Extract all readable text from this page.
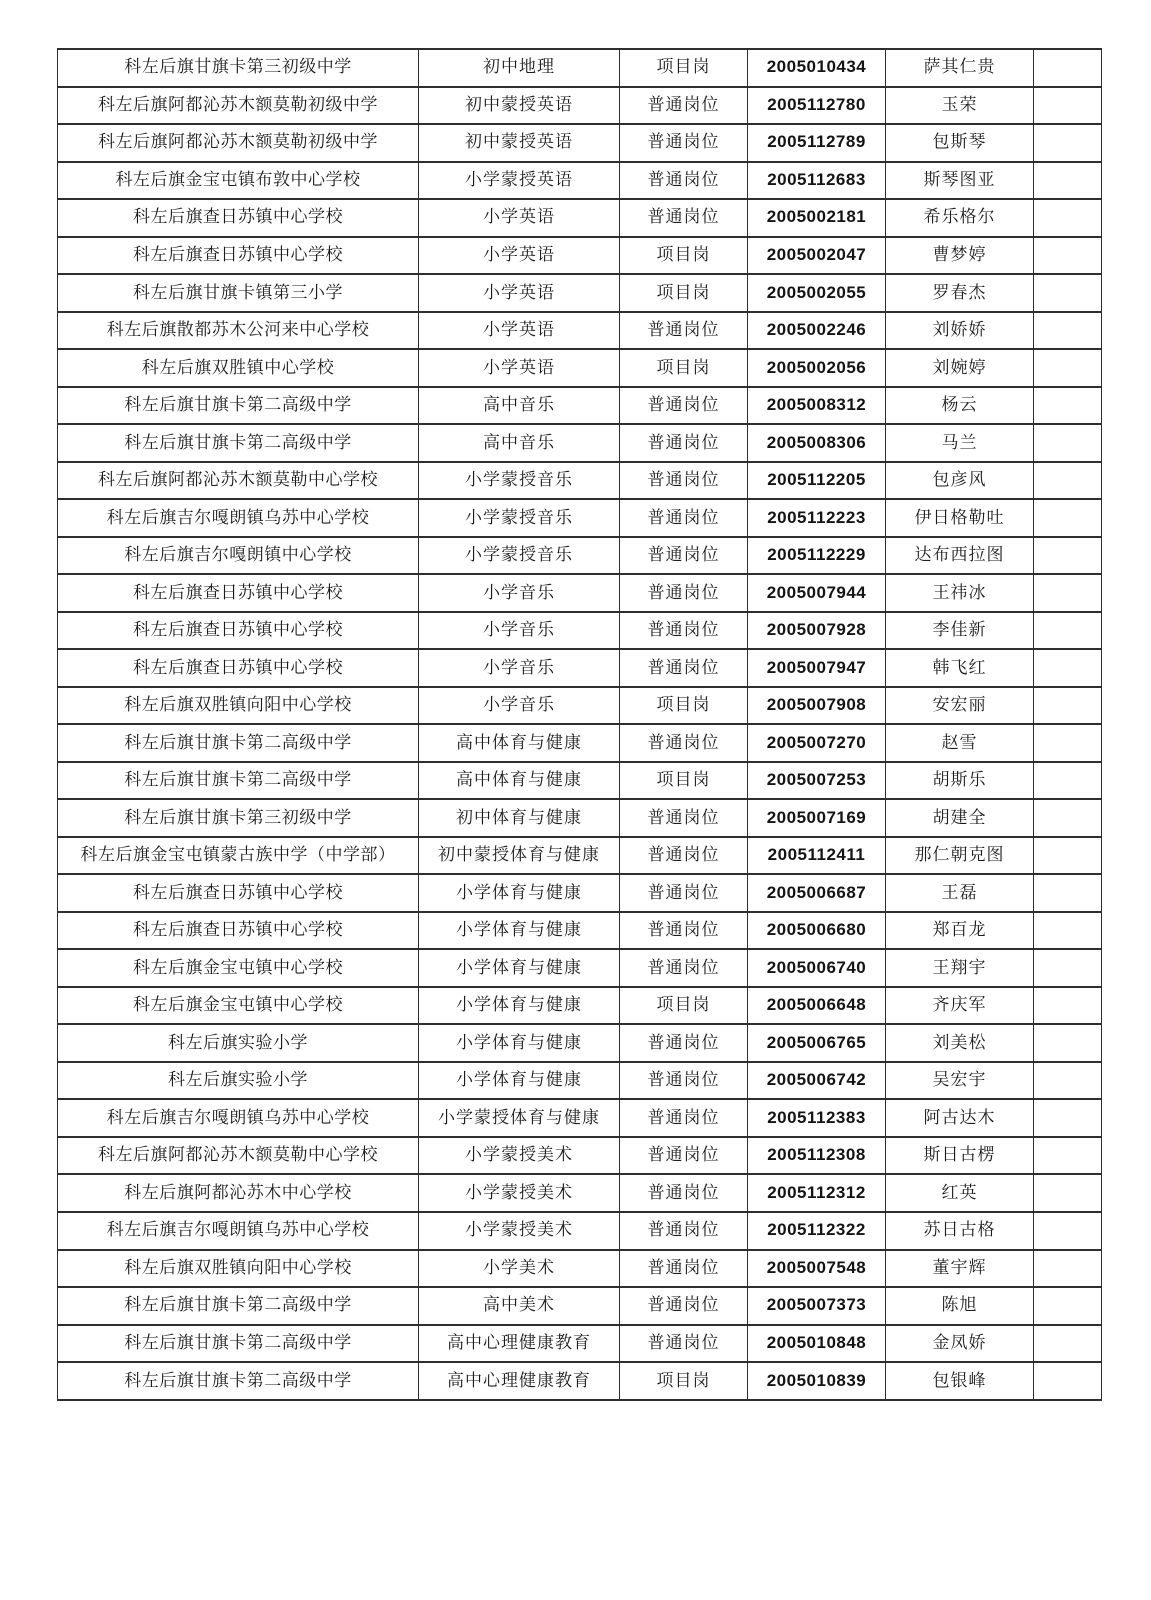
科左后旗甘旗卡第三初级中学	初中地理	项目岗	2005010434	萨其仁贵	
科左后旗阿都沁苏木额莫勒初级中学	初中蒙授英语	普通岗位	2005112780	玉荣	
科左后旗阿都沁苏木额莫勒初级中学	初中蒙授英语	普通岗位	2005112789	包斯琴	
科左后旗金宝屯镇布敦中心学校	小学蒙授英语	普通岗位	2005112683	斯琴图亚	
科左后旗查日苏镇中心学校	小学英语	普通岗位	2005002181	希乐格尔	
科左后旗查日苏镇中心学校	小学英语	项目岗	2005002047	曹梦婷	
科左后旗甘旗卡镇第三小学	小学英语	项目岗	2005002055	罗春杰	
科左后旗散都苏木公河来中心学校	小学英语	普通岗位	2005002246	刘娇娇	
科左后旗双胜镇中心学校	小学英语	项目岗	2005002056	刘婉婷	
科左后旗甘旗卡第二高级中学	高中音乐	普通岗位	2005008312	杨云	
科左后旗甘旗卡第二高级中学	高中音乐	普通岗位	2005008306	马兰	
科左后旗阿都沁苏木额莫勒中心学校	小学蒙授音乐	普通岗位	2005112205	包彦风	
科左后旗吉尔嘎朗镇乌苏中心学校	小学蒙授音乐	普通岗位	2005112223	伊日格勒吐	
科左后旗吉尔嘎朗镇中心学校	小学蒙授音乐	普通岗位	2005112229	达布西拉图	
科左后旗查日苏镇中心学校	小学音乐	普通岗位	2005007944	王祎冰	
科左后旗查日苏镇中心学校	小学音乐	普通岗位	2005007928	李佳新	
科左后旗查日苏镇中心学校	小学音乐	普通岗位	2005007947	韩飞红	
科左后旗双胜镇向阳中心学校	小学音乐	项目岗	2005007908	安宏丽	
科左后旗甘旗卡第二高级中学	高中体育与健康	普通岗位	2005007270	赵雪	
科左后旗甘旗卡第二高级中学	高中体育与健康	项目岗	2005007253	胡斯乐	
科左后旗甘旗卡第三初级中学	初中体育与健康	普通岗位	2005007169	胡建全	
科左后旗金宝屯镇蒙古族中学（中学部）	初中蒙授体育与健康	普通岗位	2005112411	那仁朝克图	
科左后旗查日苏镇中心学校	小学体育与健康	普通岗位	2005006687	王磊	
科左后旗查日苏镇中心学校	小学体育与健康	普通岗位	2005006680	郑百龙	
科左后旗金宝屯镇中心学校	小学体育与健康	普通岗位	2005006740	王翔宇	
科左后旗金宝屯镇中心学校	小学体育与健康	项目岗	2005006648	齐庆军	
科左后旗实验小学	小学体育与健康	普通岗位	2005006765	刘美松	
科左后旗实验小学	小学体育与健康	普通岗位	2005006742	吴宏宇	
科左后旗吉尔嘎朗镇乌苏中心学校	小学蒙授体育与健康	普通岗位	2005112383	阿古达木	
科左后旗阿都沁苏木额莫勒中心学校	小学蒙授美术	普通岗位	2005112308	斯日古楞	
科左后旗阿都沁苏木中心学校	小学蒙授美术	普通岗位	2005112312	红英	
科左后旗吉尔嘎朗镇乌苏中心学校	小学蒙授美术	普通岗位	2005112322	苏日古格	
科左后旗双胜镇向阳中心学校	小学美术	普通岗位	2005007548	董宇辉	
科左后旗甘旗卡第二高级中学	高中美术	普通岗位	2005007373	陈旭	
科左后旗甘旗卡第二高级中学	高中心理健康教育	普通岗位	2005010848	金凤娇	
科左后旗甘旗卡第二高级中学	高中心理健康教育	项目岗	2005010839	包银峰	
